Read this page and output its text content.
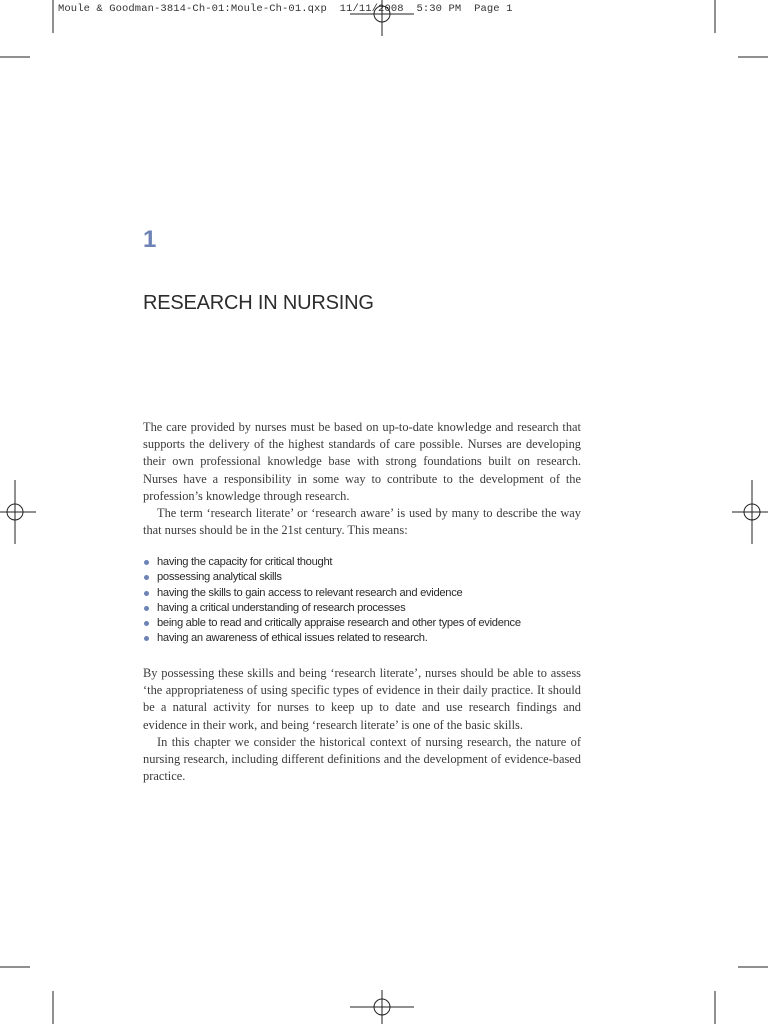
Moule & Goodman-3814-Ch-01:Moule-Ch-01.qxp  11/11/2008  5:30 PM  Page 1
1
RESEARCH IN NURSING

The care provided by nurses must be based on up-to-date knowledge and research that supports the delivery of the highest standards of care possible. Nurses are developing their own professional knowledge base with strong foundations built on research. Nurses have a responsibility in some way to contribute to the development of the profession’s knowledge through research.

The term ‘research literate’ or ‘research aware’ is used by many to describe the way that nurses should be in the 21st century. This means:

having the capacity for critical thought
possessing analytical skills
having the skills to gain access to relevant research and evidence
having a critical understanding of research processes
being able to read and critically appraise research and other types of evidence
having an awareness of ethical issues related to research.

By possessing these skills and being ‘research literate’, nurses should be able to assess ‘the appropriateness of using specific types of evidence in their daily practice. It should be a natural activity for nurses to keep up to date and use research findings and evidence in their work, and being ‘research literate’ is one of the basic skills.

In this chapter we consider the historical context of nursing research, the nature of nursing research, including different definitions and the development of evidence-based practice.
